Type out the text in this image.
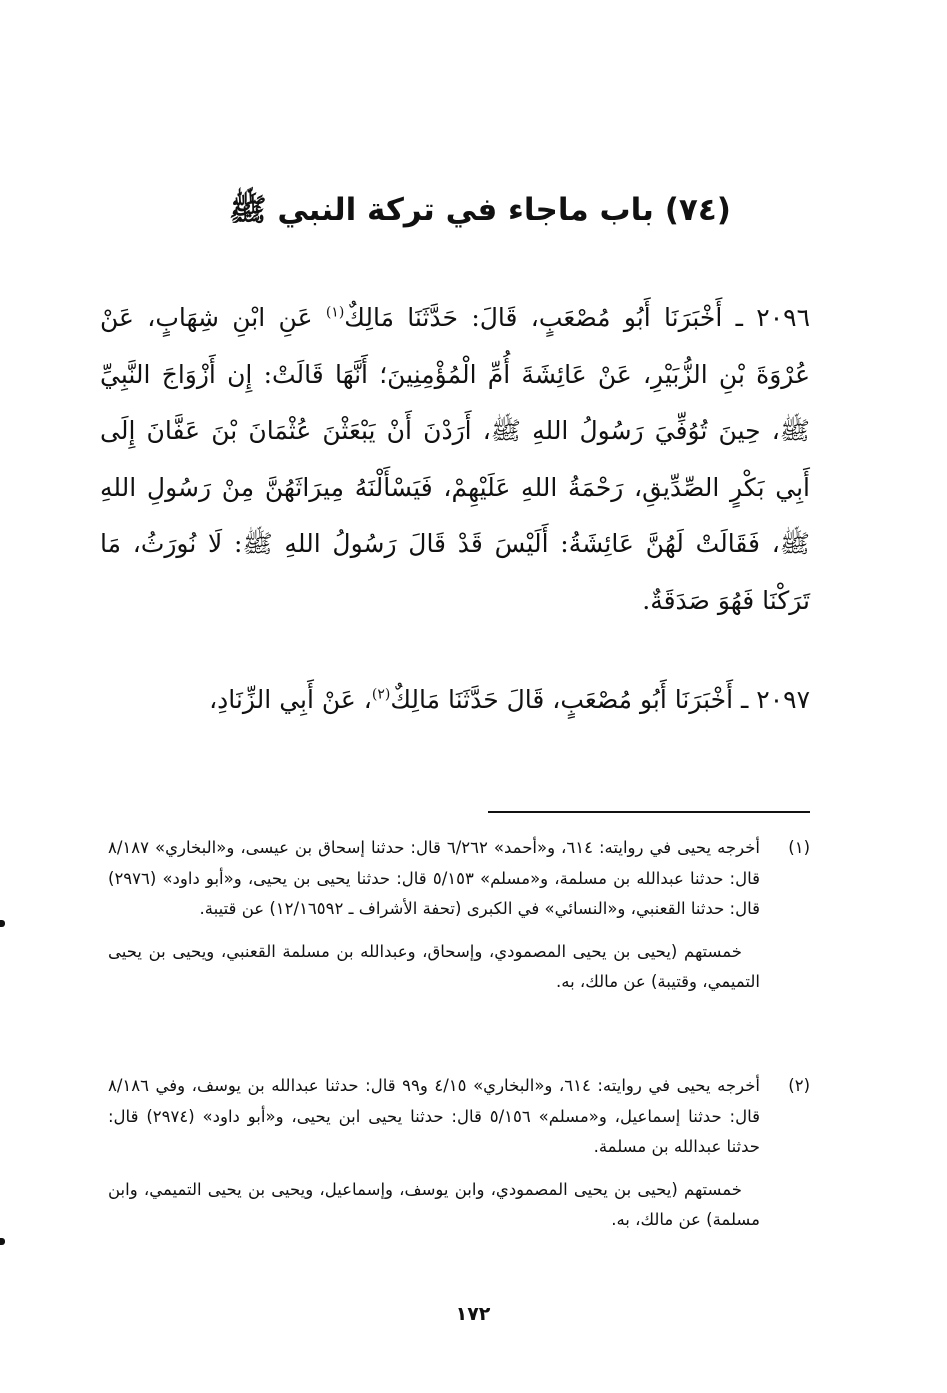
(٧٤) باب ماجاء في تركة النبي ﷺ

٢٠٩٦ ـ أَخْبَرَنَا أَبُو مُصْعَبٍ، قَالَ: حَدَّثَنَا مَالِكٌ$^{(١)}$ عَنِ ابْنِ شِهَابٍ، عَنْ عُرْوَةَ بْنِ الزُّبَيْرِ، عَنْ عَائِشَةَ أُمِّ الْمُؤْمِنِينَ؛ أَنَّهَا قَالَتْ: إِن أَزْوَاجَ النَّبِيِّ ﷺ، حِينَ تُوُفِّيَ رَسُولُ اللهِ ﷺ، أَرَدْنَ أَنْ يَبْعَثْنَ عُثْمَانَ بْنَ عَفَّانَ إِلَى أَبِي بَكْرٍ الصِّدِّيقِ، رَحْمَةُ اللهِ عَلَيْهِمْ، فَيَسْأَلْنَهُ مِيرَاثَهُنَّ مِنْ رَسُولِ اللهِ ﷺ، فَقَالَتْ لَهُنَّ عَائِشَةُ: أَلَيْسَ قَدْ قَالَ رَسُولُ اللهِ ﷺ: لَا نُورَثُ، مَا تَرَكْنَا فَهُوَ صَدَقَةٌ.

٢٠٩٧ ـ أَخْبَرَنَا أَبُو مُصْعَبٍ، قَالَ حَدَّثَنَا مَالِكٌ$^{(٢)}$، عَنْ أَبِي الزِّنَادِ،

(١)
أخرجه يحيى في روايته: ٦١٤، و«أحمد» ٦/٢٦٢ قال: حدثنا إسحاق بن عيسى، و«البخاري» ٨/١٨٧ قال: حدثنا عبدالله بن مسلمة، و«مسلم» ٥/١٥٣ قال: حدثنا يحيى بن يحيى، و«أبو داود» (٢٩٧٦) قال: حدثنا القعنبي، و«النسائي» في الكبرى (تحفة الأشراف ـ ١٢/١٦٥٩٢) عن قتيبة.
خمستهم (يحيى بن يحيى المصمودي، وإسحاق، وعبدالله بن مسلمة القعنبي، ويحيى بن يحيى التميمي، وقتيبة) عن مالك، به.
(٢)
أخرجه يحيى في روايته: ٦١٤، و«البخاري» ٤/١٥ و٩٩ قال: حدثنا عبدالله بن يوسف، وفي ٨/١٨٦ قال: حدثنا إسماعيل، و«مسلم» ٥/١٥٦ قال: حدثنا يحيى ابن يحيى، و«أبو داود» (٢٩٧٤) قال: حدثنا عبدالله بن مسلمة.
خمستهم (يحيى بن يحيى المصمودي، وابن يوسف، وإسماعيل، ويحيى بن يحيى التميمي، وابن مسلمة) عن مالك، به.
١٧٢
